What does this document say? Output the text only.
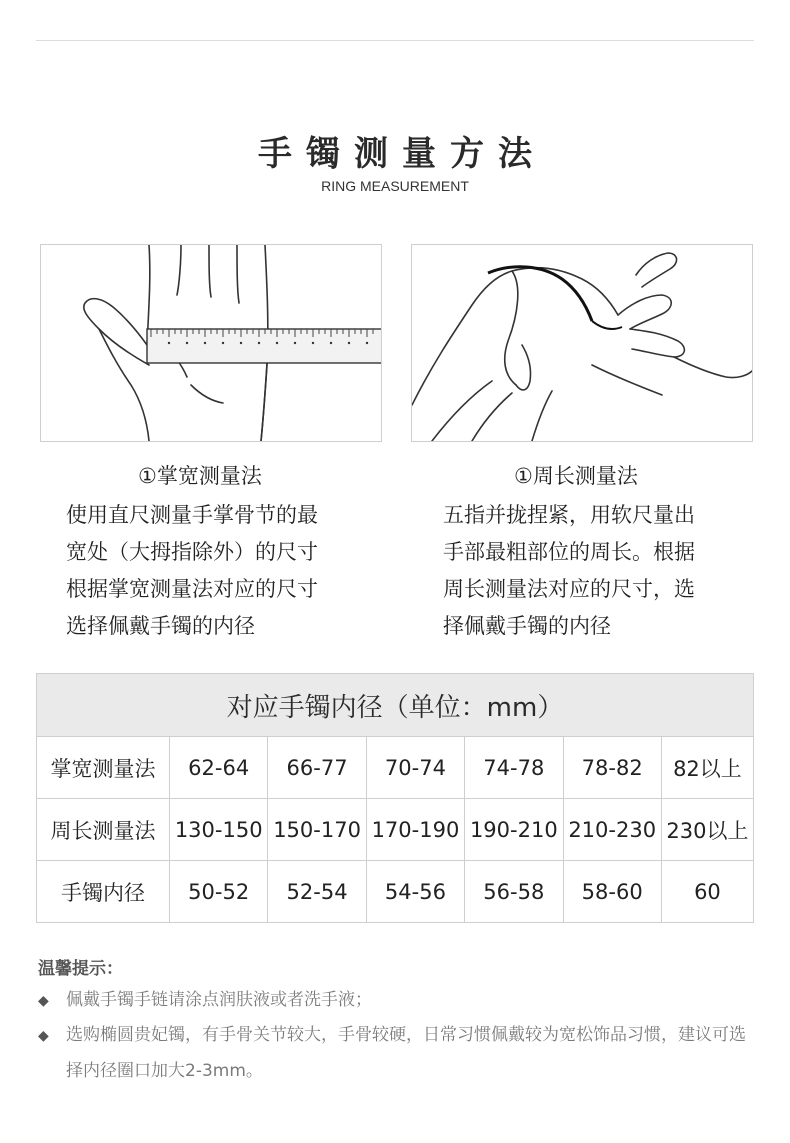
手镯测量方法
RING MEASUREMENT
①掌宽测量法
使用直尺测量手掌骨节的最
宽处（大拇指除外）的尺寸
根据掌宽测量法对应的尺寸
选择佩戴手镯的内径
①周长测量法
五指并拢捏紧，用软尺量出
手部最粗部位的周长。根据
周长测量法对应的尺寸，选
择佩戴手镯的内径
对应手镯内径（单位：mm）						
掌宽测量法	62-64	66-77	70-74	74-78	78-82	82以上
周长测量法	130-150	150-170	170-190	190-210	210-230	230以上
手镯内径	50-52	52-54	54-56	56-58	58-60	60
温馨提示：
◆ 佩戴手镯手链请涂点润肤液或者洗手液；
◆ 选购椭圆贵妃镯，有手骨关节较大，手骨较硬，日常习惯佩戴较为宽松饰品习惯，建议可选择内径圈口加大2-3mm。
